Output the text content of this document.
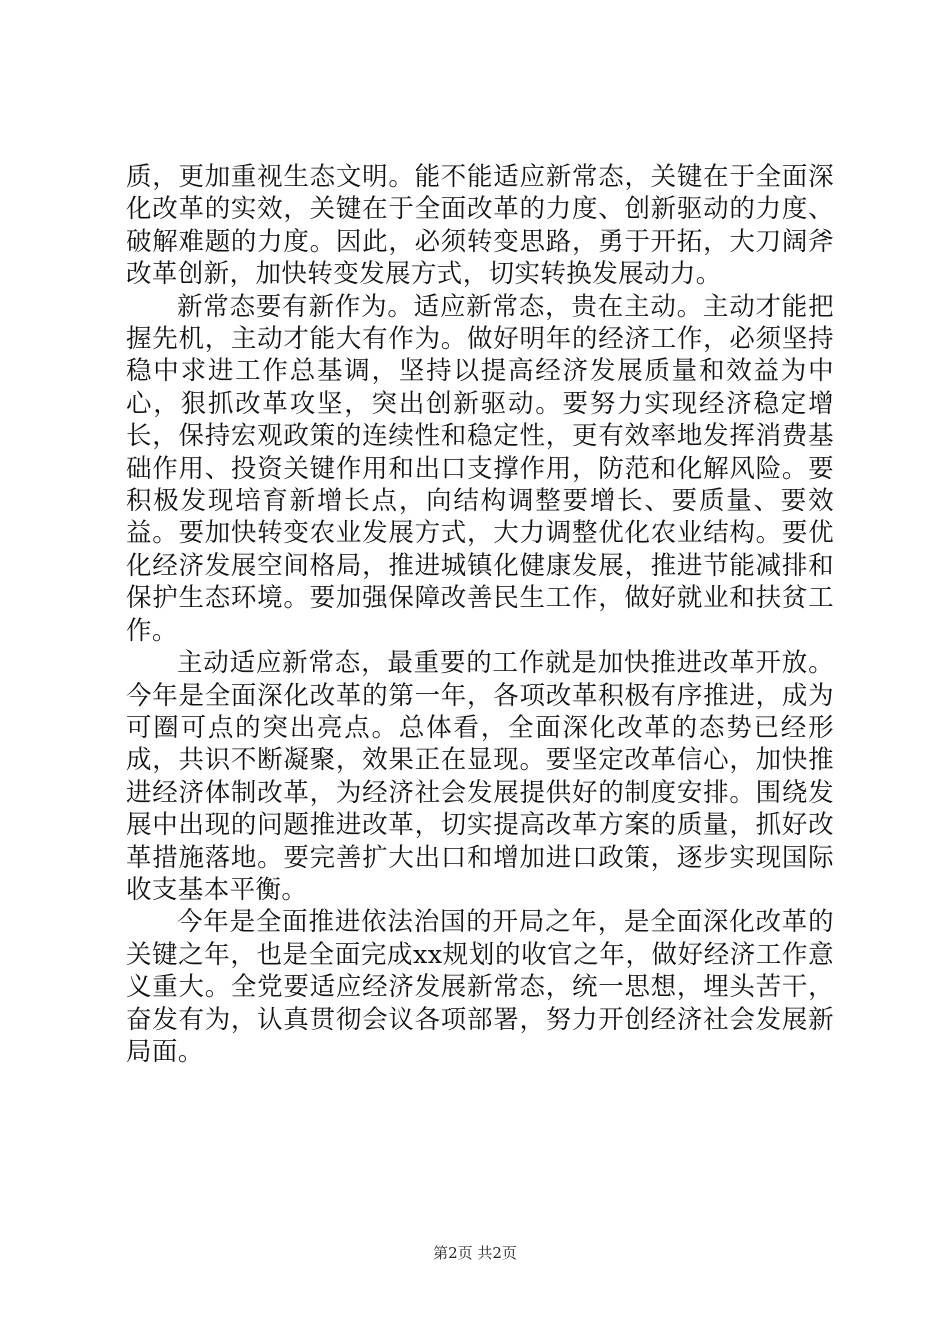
质，更加重视生态文明。能不能适应新常态，关键在于全面深化改革的实效，关键在于全面改革的力度、创新驱动的力度、破解难题的力度。因此，必须转变思路，勇于开拓，大刀阔斧改革创新，加快转变发展方式，切实转换发展动力。

新常态要有新作为。适应新常态，贵在主动。主动才能把握先机，主动才能大有作为。做好明年的经济工作，必须坚持稳中求进工作总基调，坚持以提高经济发展质量和效益为中心，狠抓改革攻坚，突出创新驱动。要努力实现经济稳定增长，保持宏观政策的连续性和稳定性，更有效率地发挥消费基础作用、投资关键作用和出口支撑作用，防范和化解风险。要积极发现培育新增长点，向结构调整要增长、要质量、要效益。要加快转变农业发展方式，大力调整优化农业结构。要优化经济发展空间格局，推进城镇化健康发展，推进节能减排和保护生态环境。要加强保障改善民生工作，做好就业和扶贫工作。

主动适应新常态，最重要的工作就是加快推进改革开放。今年是全面深化改革的第一年，各项改革积极有序推进，成为可圈可点的突出亮点。总体看，全面深化改革的态势已经形成，共识不断凝聚，效果正在显现。要坚定改革信心，加快推进经济体制改革，为经济社会发展提供好的制度安排。围绕发展中出现的问题推进改革，切实提高改革方案的质量，抓好改革措施落地。要完善扩大出口和增加进口政策，逐步实现国际收支基本平衡。

今年是全面推进依法治国的开局之年，是全面深化改革的关键之年，也是全面完成xx规划的收官之年，做好经济工作意义重大。全党要适应经济发展新常态，统一思想，埋头苦干，奋发有为，认真贯彻会议各项部署，努力开创经济社会发展新局面。

第2页 共2页
